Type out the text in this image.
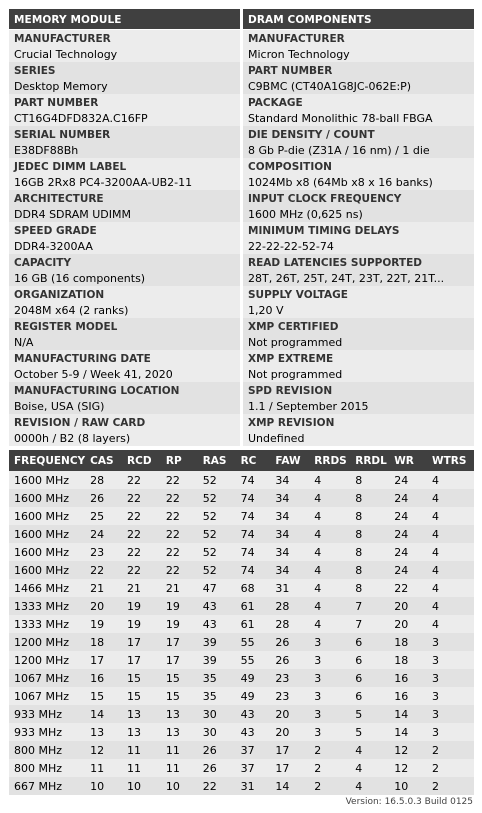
MEMORY MODULE
MANUFACTURER
Crucial Technology
SERIES
Desktop Memory
PART NUMBER
CT16G4DFD832A.C16FP
SERIAL NUMBER
E38DF88Bh
JEDEC DIMM LABEL
16GB 2Rx8 PC4-3200AA-UB2-11
ARCHITECTURE
DDR4 SDRAM UDIMM
SPEED GRADE
DDR4-3200AA
CAPACITY
16 GB (16 components)
ORGANIZATION
2048M x64 (2 ranks)
REGISTER MODEL
N/A
MANUFACTURING DATE
October 5-9 / Week 41, 2020
MANUFACTURING LOCATION
Boise, USA (SIG)
REVISION / RAW CARD
0000h / B2 (8 layers)
DRAM COMPONENTS
MANUFACTURER
Micron Technology
PART NUMBER
C9BMC (CT40A1G8JC-062E:P)
PACKAGE
Standard Monolithic 78-ball FBGA
DIE DENSITY / COUNT
8 Gb P-die (Z31A / 16 nm) / 1 die
COMPOSITION
1024Mb x8 (64Mb x8 x 16 banks)
INPUT CLOCK FREQUENCY
1600 MHz (0,625 ns)
MINIMUM TIMING DELAYS
22-22-22-52-74
READ LATENCIES SUPPORTED
28T, 26T, 25T, 24T, 23T, 22T, 21T...
SUPPLY VOLTAGE
1,20 V
XMP CERTIFIED
Not programmed
XMP EXTREME
Not programmed
SPD REVISION
1.1 / September 2015
XMP REVISION
Undefined
FREQUENCY	CAS	RCD	RP	RAS	RC	FAW	RRDS	RRDL	WR	WTRS
1600 MHz	28	22	22	52	74	34	4	8	24	4
1600 MHz	26	22	22	52	74	34	4	8	24	4
1600 MHz	25	22	22	52	74	34	4	8	24	4
1600 MHz	24	22	22	52	74	34	4	8	24	4
1600 MHz	23	22	22	52	74	34	4	8	24	4
1600 MHz	22	22	22	52	74	34	4	8	24	4
1466 MHz	21	21	21	47	68	31	4	8	22	4
1333 MHz	20	19	19	43	61	28	4	7	20	4
1333 MHz	19	19	19	43	61	28	4	7	20	4
1200 MHz	18	17	17	39	55	26	3	6	18	3
1200 MHz	17	17	17	39	55	26	3	6	18	3
1067 MHz	16	15	15	35	49	23	3	6	16	3
1067 MHz	15	15	15	35	49	23	3	6	16	3
933 MHz	14	13	13	30	43	20	3	5	14	3
933 MHz	13	13	13	30	43	20	3	5	14	3
800 MHz	12	11	11	26	37	17	2	4	12	2
800 MHz	11	11	11	26	37	17	2	4	12	2
667 MHz	10	10	10	22	31	14	2	4	10	2
Version: 16.5.0.3 Build 0125
